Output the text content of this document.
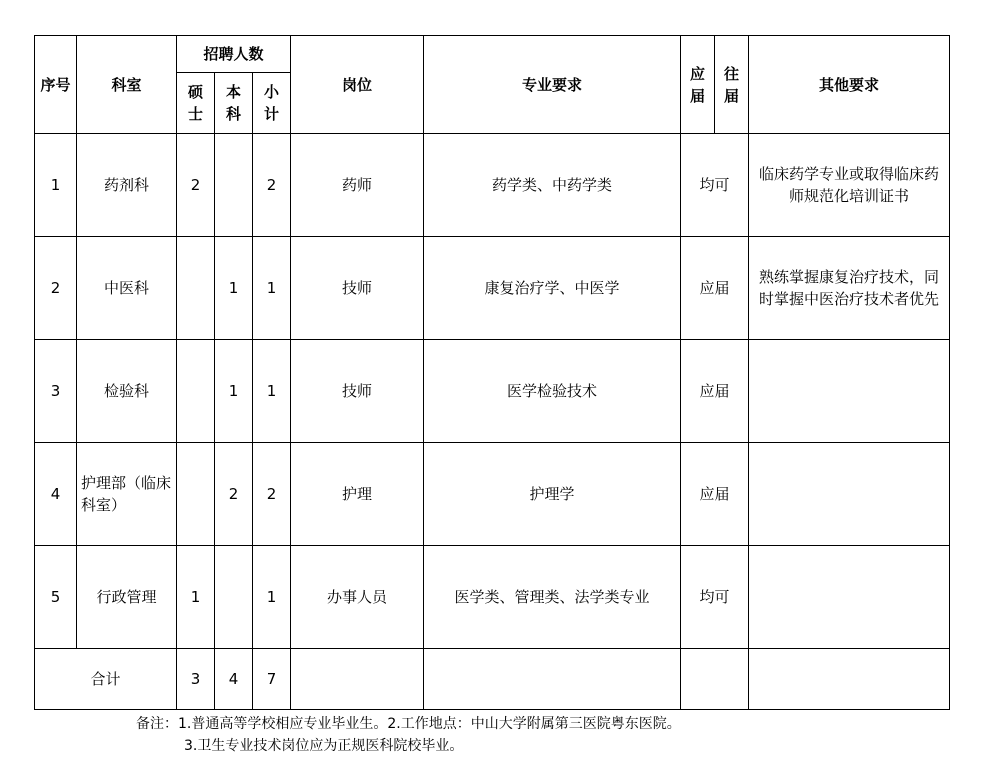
序号	科室	招聘人数			岗位	专业要求	应届	往届	其他要求

		硕士	本科	小计					

1	药剂科	2		2	药师	药学类、中药学类	均可		临床药学专业或取得临床药师规范化培训证书

2	中医科		1	1	技师	康复治疗学、中医学	应届		熟练掌握康复治疗技术，同时掌握中医治疗技术者优先

3	检验科		1	1	技师	医学检验技术	应届		

4	护理部（临床科室）		2	2	护理	护理学	应届		

5	行政管理	1		1	办事人员	医学类、管理类、法学类专业	均可		

合计		3	4	7					
备注：1.普通高等学校相应专业毕业生。2.工作地点：中山大学附属第三医院粤东医院。
3.卫生专业技术岗位应为正规医科院校毕业。
